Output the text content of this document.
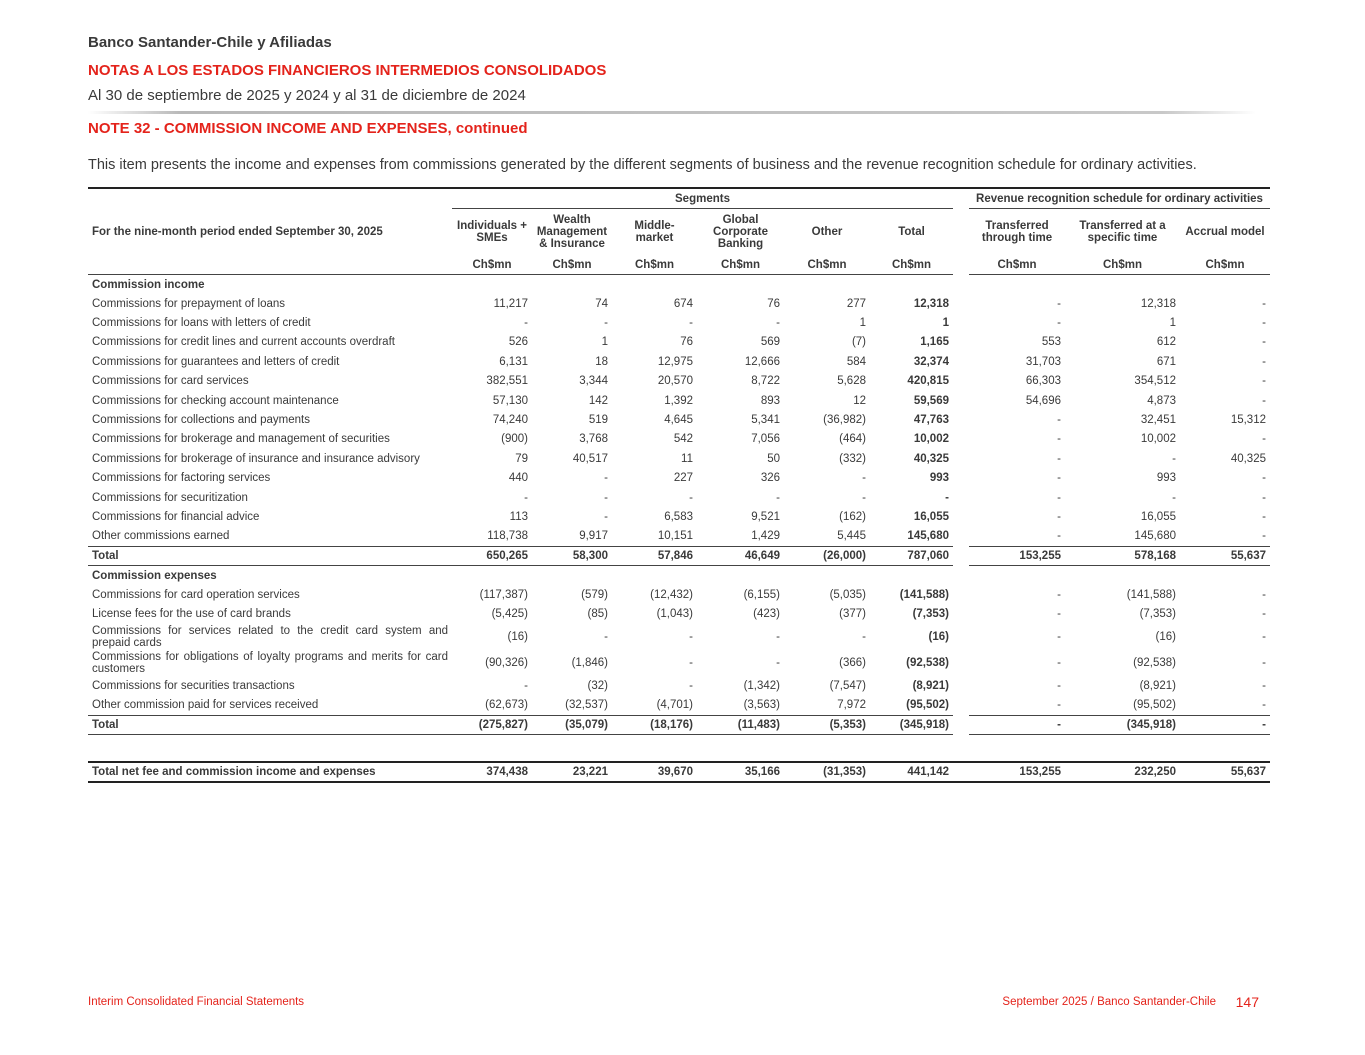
Banco Santander-Chile y Afiliadas
NOTAS A LOS ESTADOS FINANCIEROS INTERMEDIOS CONSOLIDADOS
Al 30 de septiembre de 2025 y 2024 y al 31 de diciembre de 2024
NOTE 32 - COMMISSION INCOME AND EXPENSES, continued
This item presents the income and expenses from commissions generated by the different segments of business and the revenue recognition schedule for ordinary activities.
	Segments							Revenue recognition schedule for ordinary activities		
For the nine-month period ended September 30, 2025	Individuals + SMEs	Wealth Management & Insurance	Middle-market	Global Corporate Banking	Other	Total		Transferred through time	Transferred at a specific time	Accrual model
	Ch$mn	Ch$mn	Ch$mn	Ch$mn	Ch$mn	Ch$mn		Ch$mn	Ch$mn	Ch$mn
Commission income										
Commissions for prepayment of loans	11,217	74	674	76	277	12,318		-	12,318	-
Commissions for loans with letters of credit	-	-	-	-	1	1		-	1	-
Commissions for credit lines and current accounts overdraft	526	1	76	569	(7)	1,165		553	612	-
Commissions for guarantees and letters of credit	6,131	18	12,975	12,666	584	32,374		31,703	671	-
Commissions for card services	382,551	3,344	20,570	8,722	5,628	420,815		66,303	354,512	-
Commissions for checking account maintenance	57,130	142	1,392	893	12	59,569		54,696	4,873	-
Commissions for collections and payments	74,240	519	4,645	5,341	(36,982)	47,763		-	32,451	15,312
Commissions for brokerage and management of securities	(900)	3,768	542	7,056	(464)	10,002		-	10,002	-
Commissions for brokerage of insurance and insurance advisory	79	40,517	11	50	(332)	40,325		-	-	40,325
Commissions for factoring services	440	-	227	326	-	993		-	993	-
Commissions for securitization	-	-	-	-	-	-		-	-	-
Commissions for financial advice	113	-	6,583	9,521	(162)	16,055		-	16,055	-
Other commissions earned	118,738	9,917	10,151	1,429	5,445	145,680		-	145,680	-
Total	650,265	58,300	57,846	46,649	(26,000)	787,060		153,255	578,168	55,637
Commission expenses										
Commissions for card operation services	(117,387)	(579)	(12,432)	(6,155)	(5,035)	(141,588)		-	(141,588)	-
License fees for the use of card brands	(5,425)	(85)	(1,043)	(423)	(377)	(7,353)		-	(7,353)	-
Commissions for services related to the credit card system and prepaid cards	(16)	-	-	-	-	(16)		-	(16)	-
Commissions for obligations of loyalty programs and merits for card customers	(90,326)	(1,846)	-	-	(366)	(92,538)		-	(92,538)	-
Commissions for securities transactions	-	(32)	-	(1,342)	(7,547)	(8,921)		-	(8,921)	-
Other commission paid for services received	(62,673)	(32,537)	(4,701)	(3,563)	7,972	(95,502)		-	(95,502)	-
Total	(275,827)	(35,079)	(18,176)	(11,483)	(5,353)	(345,918)		-	(345,918)	-

Total net fee and commission income and expenses	374,438	23,221	39,670	35,166	(31,353)	441,142		153,255	232,250	55,637
Interim Consolidated Financial Statements	September 2025 / Banco Santander-Chile 147
